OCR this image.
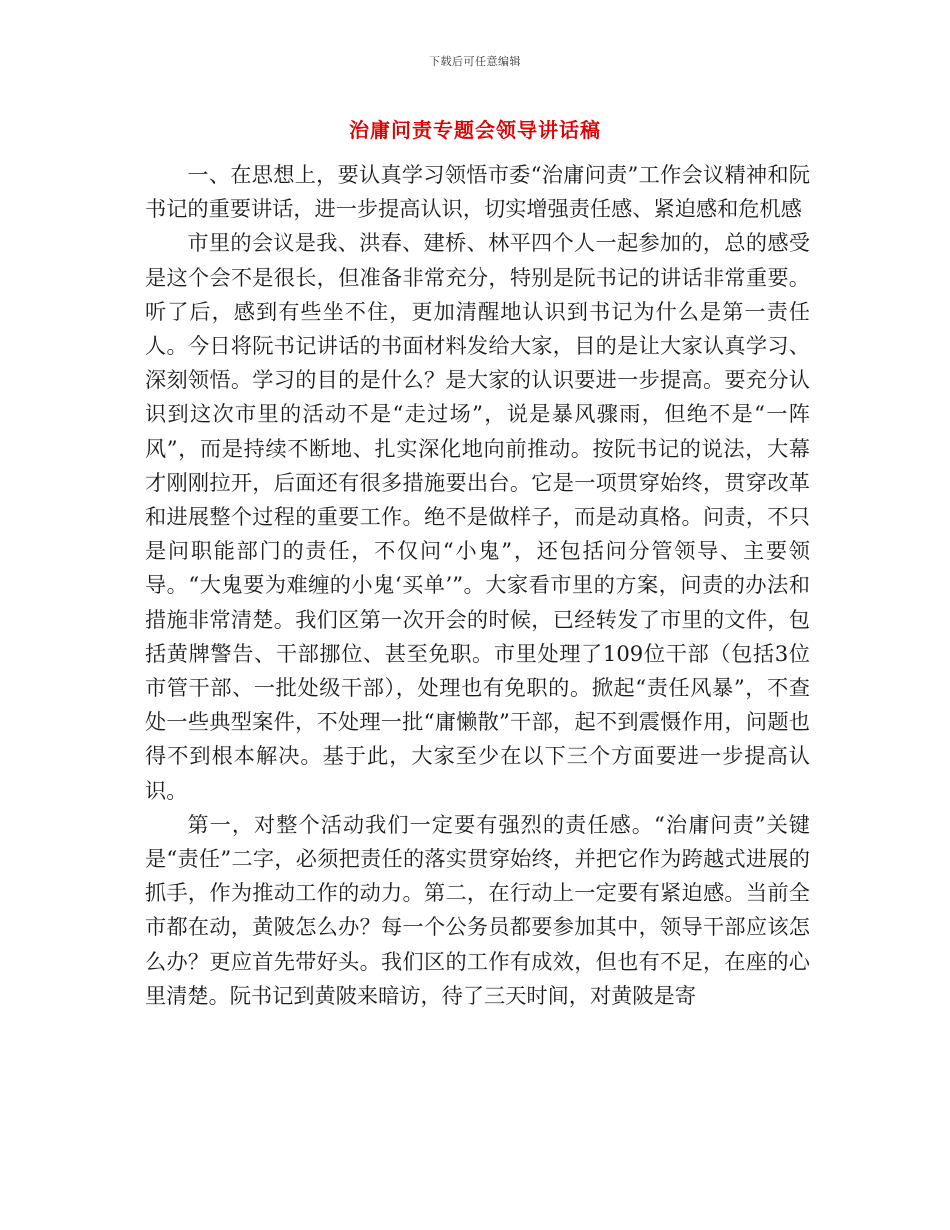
下载后可任意编辑
治庸问责专题会领导讲话稿

一、在思想上，要认真学习领悟市委“治庸问责”工作会议精神和阮书记的重要讲话，进一步提高认识，切实增强责任感、紧迫感和危机感

市里的会议是我、洪春、建桥、林平四个人一起参加的，总的感受是这个会不是很长，但准备非常充分，特别是阮书记的讲话非常重要。听了后，感到有些坐不住，更加清醒地认识到书记为什么是第一责任人。今日将阮书记讲话的书面材料发给大家，目的是让大家认真学习、深刻领悟。学习的目的是什么？是大家的认识要进一步提高。要充分认识到这次市里的活动不是“走过场”，说是暴风骤雨，但绝不是“一阵风”，而是持续不断地、扎实深化地向前推动。按阮书记的说法，大幕才刚刚拉开，后面还有很多措施要出台。它是一项贯穿始终，贯穿改革和进展整个过程的重要工作。绝不是做样子，而是动真格。问责，不只是问职能部门的责任，不仅问“小鬼”，还包括问分管领导、主要领导。“大鬼要为难缠的小鬼‘买单’”。大家看市里的方案，问责的办法和措施非常清楚。我们区第一次开会的时候，已经转发了市里的文件，包括黄牌警告、干部挪位、甚至免职。市里处理了109位干部（包括3位市管干部、一批处级干部），处理也有免职的。掀起“责任风暴”，不查处一些典型案件，不处理一批“庸懒散”干部，起不到震慑作用，问题也得不到根本解决。基于此，大家至少在以下三个方面要进一步提高认识。

第一，对整个活动我们一定要有强烈的责任感。“治庸问责”关键是“责任”二字，必须把责任的落实贯穿始终，并把它作为跨越式进展的抓手，作为推动工作的动力。第二，在行动上一定要有紧迫感。当前全市都在动，黄陂怎么办？每一个公务员都要参加其中，领导干部应该怎么办？更应首先带好头。我们区的工作有成效，但也有不足，在座的心里清楚。阮书记到黄陂来暗访，待了三天时间，对黄陂是寄
